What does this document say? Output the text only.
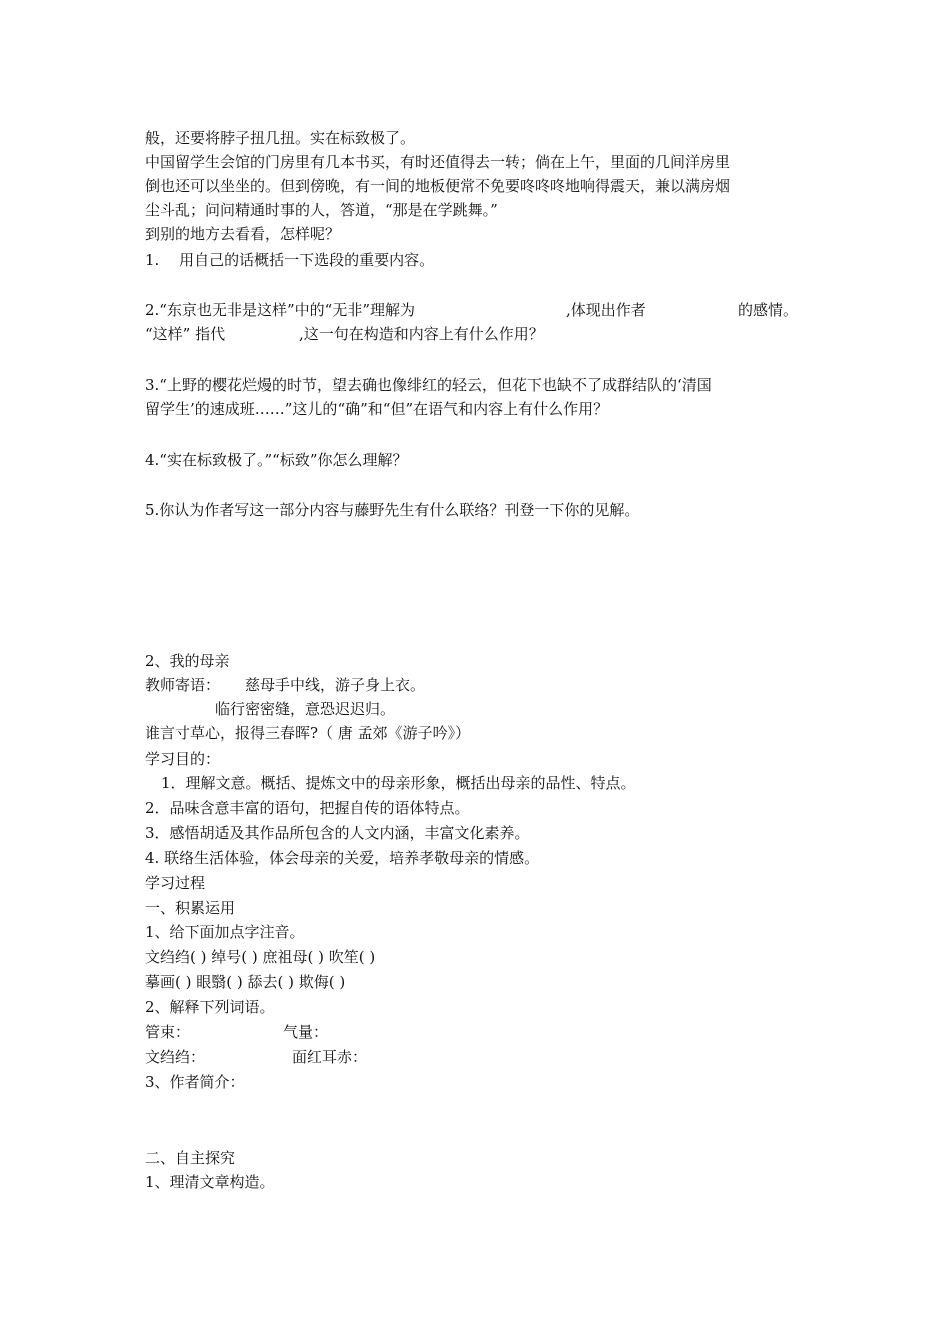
般，还要将脖子扭几扭。实在标致极了。
中国留学生会馆的门房里有几本书买，有时还值得去一转；倘在上午，里面的几间洋房里
倒也还可以坐坐的。但到傍晚，有一间的地板便常不免要咚咚咚地响得震天，兼以满房烟
尘斗乱；问问精通时事的人，答道，“那是在学跳舞。”
到别的地方去看看，怎样呢？
1.　 用自己的话概括一下选段的重要内容。
2.“东京也无非是这样”中的“无非”理解为	,体现出作者	的感情。
“这样” 指代	,这一句在构造和内容上有什么作用？
3.“上野的樱花烂熳的时节，望去确也像绯红的轻云，但花下也缺不了成群结队的‘清国
留学生’的速成班……”这儿的“确”和“但”在语气和内容上有什么作用？
4.“实在标致极了。”“标致”你怎么理解？
5.你认为作者写这一部分内容与藤野先生有什么联络？刊登一下你的见解。
2、我的母亲
教师寄语： 慈母手中线，游子身上衣。
临行密密缝，意恐迟迟归。
谁言寸草心，报得三春晖?（ 唐 孟郊《游子吟》）
学习目的：
1．理解文意。概括、提炼文中的母亲形象，概括出母亲的品性、特点。
2．品味含意丰富的语句，把握自传的语体特点。
3．感悟胡适及其作品所包含的人文内涵，丰富文化素养。
4. 联络生活体验，体会母亲的关爱，培养孝敬母亲的情感。
学习过程
一、积累运用
1、给下面加点字注音。
文绉绉( ) 绰号( ) 庶祖母( ) 吹笙( )
摹画( ) 眼翳( ) 舔去( ) 欺侮( )
2、解释下列词语。
管束：	气量：
文绉绉：	面红耳赤：
3、作者简介：
二、自主探究
1、理清文章构造。
